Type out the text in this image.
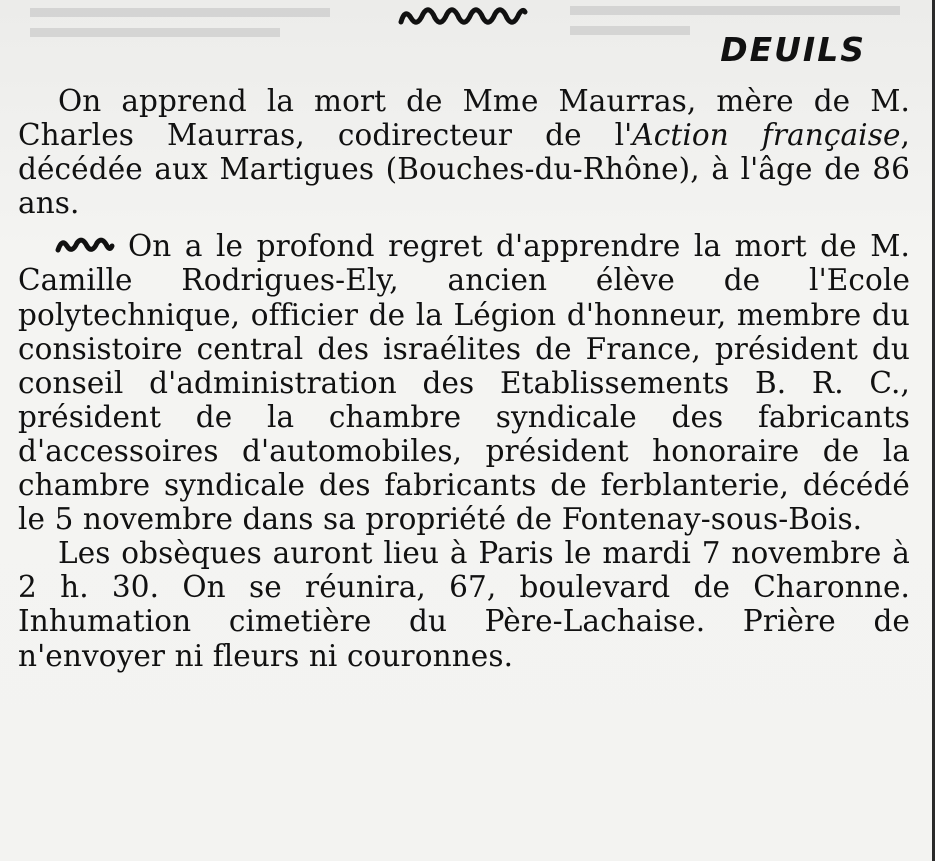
DEUILS

On apprend la mort de Mme Maurras, mère de M. Charles Maurras, codirecteur de l'Action française, décédée aux Martigues (Bouches-du-Rhône), à l'âge de 86 ans.

On a le profond regret d'apprendre la mort de M. Camille Rodrigues-Ely, ancien élève de l'Ecole polytechnique, officier de la Légion d'honneur, membre du consistoire central des israélites de France, président du conseil d'administration des Etablissements B. R. C., président de la chambre syndicale des fabricants d'accessoires d'automobiles, président honoraire de la chambre syndicale des fabricants de ferblanterie, décédé le 5 novembre dans sa propriété de Fontenay-sous-Bois.

Les obsèques auront lieu à Paris le mardi 7 novembre à 2 h. 30. On se réunira, 67, boulevard de Charonne. Inhumation cimetière du Père-Lachaise. Prière de n'envoyer ni fleurs ni couronnes.
